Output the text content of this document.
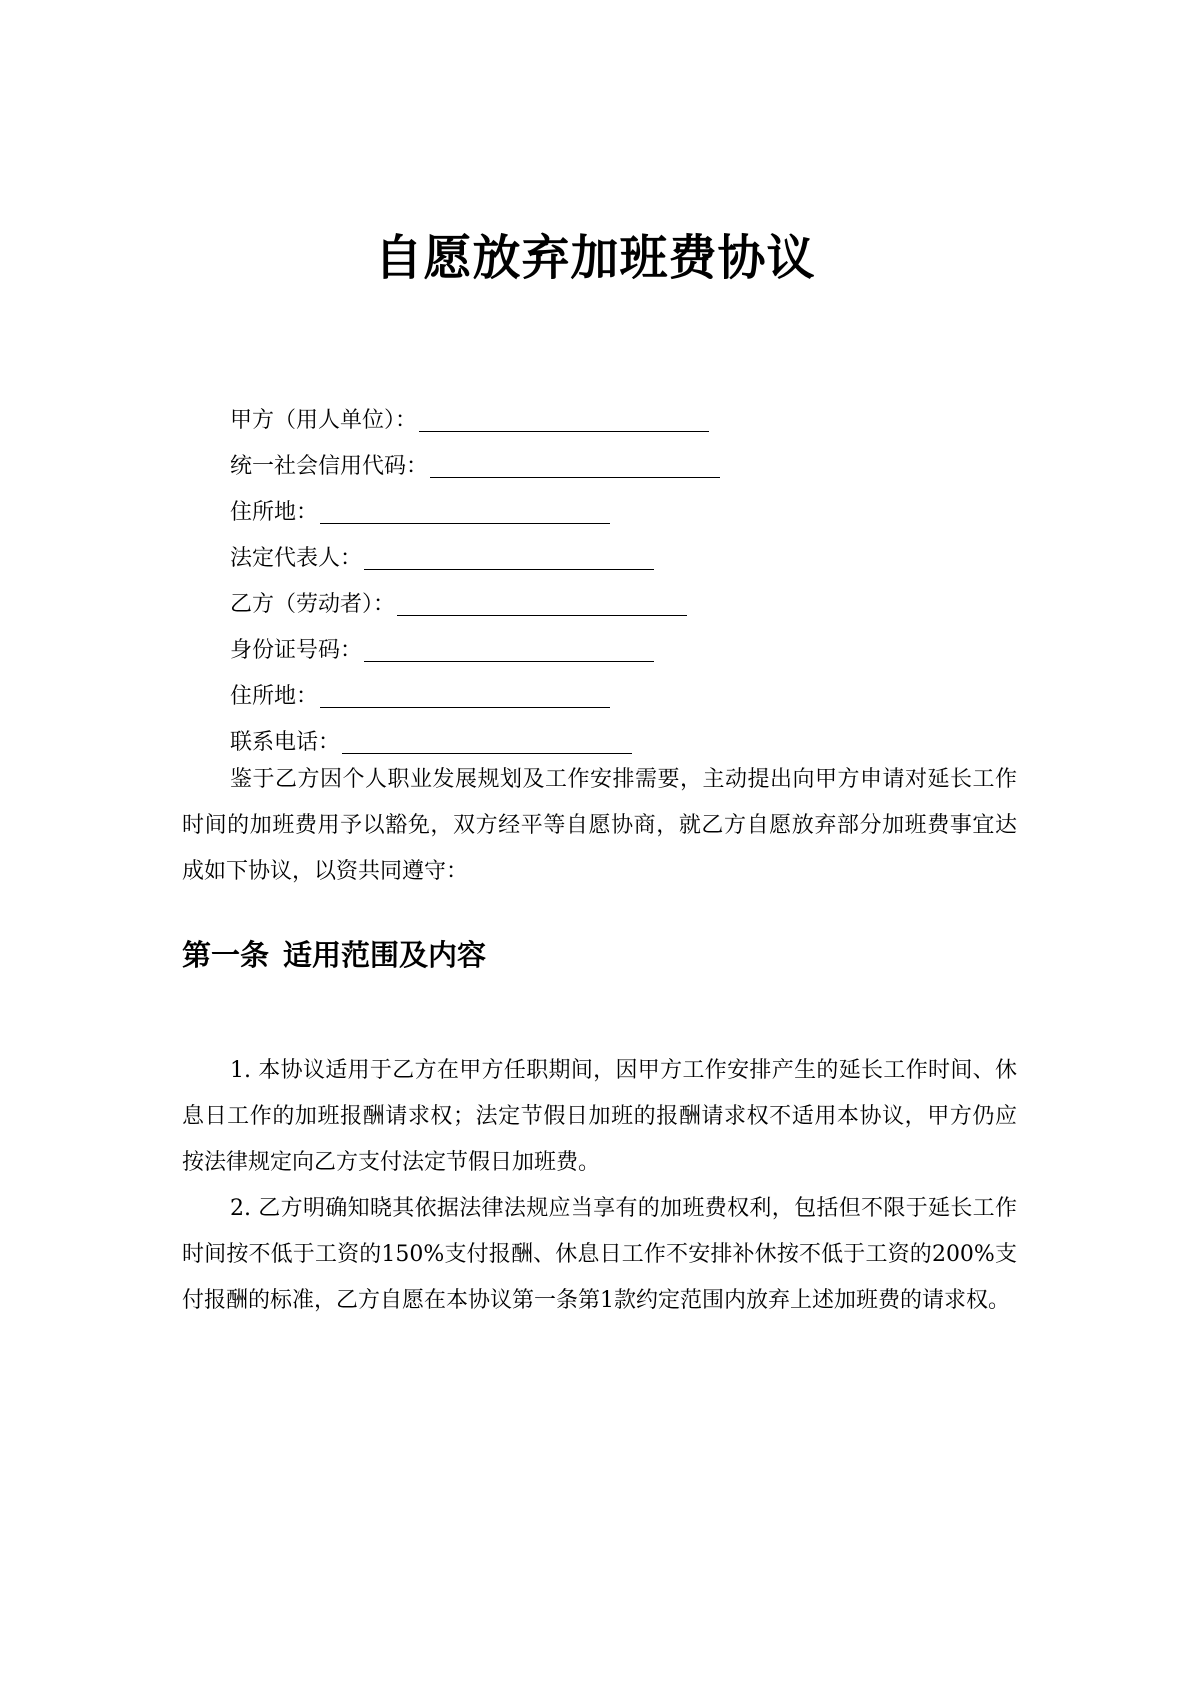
自愿放弃加班费协议
甲方（用人单位）：
统一社会信用代码：
住所地：
法定代表人：
乙方（劳动者）：
身份证号码：
住所地：
联系电话：

鉴于乙方因个人职业发展规划及工作安排需要，主动提出向甲方申请对延长工作时间的加班费用予以豁免，双方经平等自愿协商，就乙方自愿放弃部分加班费事宜达成如下协议，以资共同遵守：

第一条 适用范围及内容

1. 本协议适用于乙方在甲方任职期间，因甲方工作安排产生的延长工作时间、休息日工作的加班报酬请求权；法定节假日加班的报酬请求权不适用本协议，甲方仍应按法律规定向乙方支付法定节假日加班费。

2. 乙方明确知晓其依据法律法规应当享有的加班费权利，包括但不限于延长工作时间按不低于工资的150%支付报酬、休息日工作不安排补休按不低于工资的200%支付报酬的标准，乙方自愿在本协议第一条第1款约定范围内放弃上述加班费的请求权。
